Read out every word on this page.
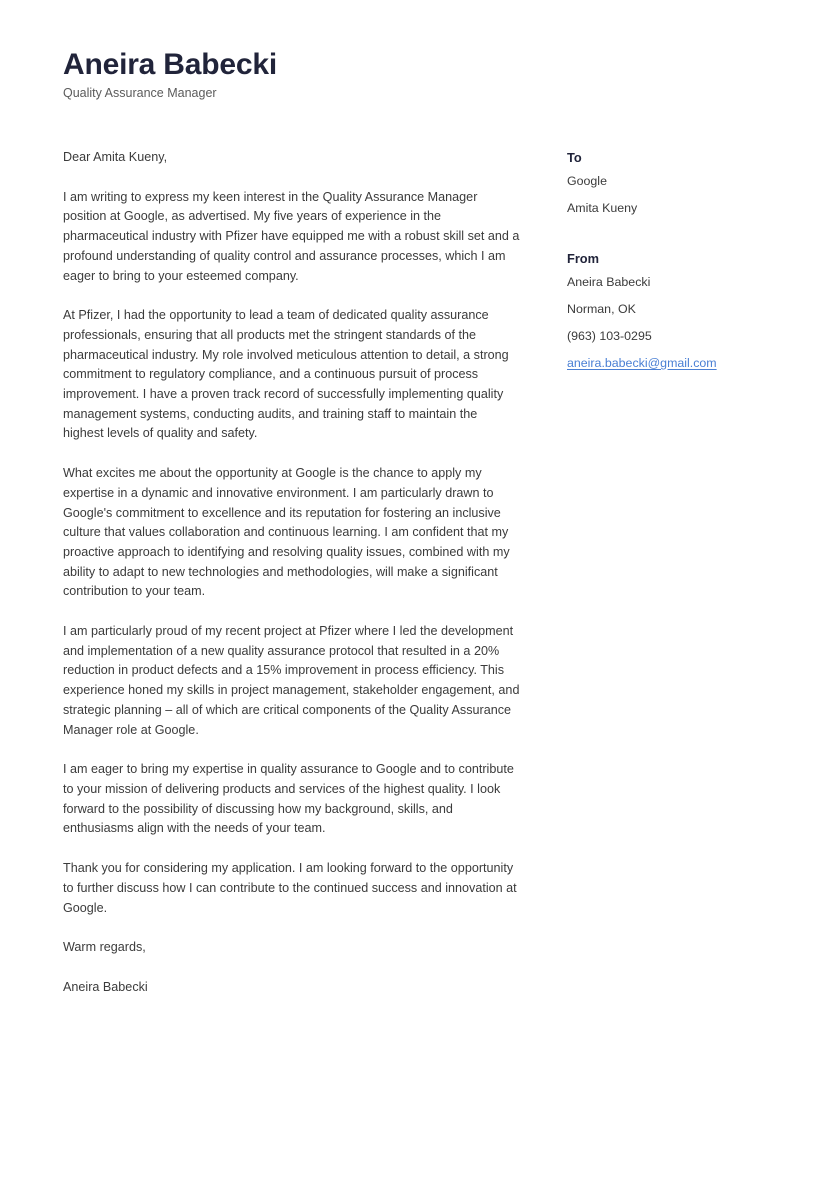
Aneira Babecki
Quality Assurance Manager

Dear Amita Kueny,

I am writing to express my keen interest in the Quality Assurance Manager position at Google, as advertised. My five years of experience in the pharmaceutical industry with Pfizer have equipped me with a robust skill set and a profound understanding of quality control and assurance processes, which I am eager to bring to your esteemed company.

At Pfizer, I had the opportunity to lead a team of dedicated quality assurance professionals, ensuring that all products met the stringent standards of the pharmaceutical industry. My role involved meticulous attention to detail, a strong commitment to regulatory compliance, and a continuous pursuit of process improvement. I have a proven track record of successfully implementing quality management systems, conducting audits, and training staff to maintain the highest levels of quality and safety.

What excites me about the opportunity at Google is the chance to apply my expertise in a dynamic and innovative environment. I am particularly drawn to Google's commitment to excellence and its reputation for fostering an inclusive culture that values collaboration and continuous learning. I am confident that my proactive approach to identifying and resolving quality issues, combined with my ability to adapt to new technologies and methodologies, will make a significant contribution to your team.

I am particularly proud of my recent project at Pfizer where I led the development and implementation of a new quality assurance protocol that resulted in a 20% reduction in product defects and a 15% improvement in process efficiency. This experience honed my skills in project management, stakeholder engagement, and strategic planning – all of which are critical components of the Quality Assurance Manager role at Google.

I am eager to bring my expertise in quality assurance to Google and to contribute to your mission of delivering products and services of the highest quality. I look forward to the possibility of discussing how my background, skills, and enthusiasms align with the needs of your team.

Thank you for considering my application. I am looking forward to the opportunity to further discuss how I can contribute to the continued success and innovation at Google.

Warm regards,

Aneira Babecki

To
Google
Amita Kueny
From
Aneira Babecki
Norman, OK
(963) 103-0295
aneira.babecki@gmail.com
